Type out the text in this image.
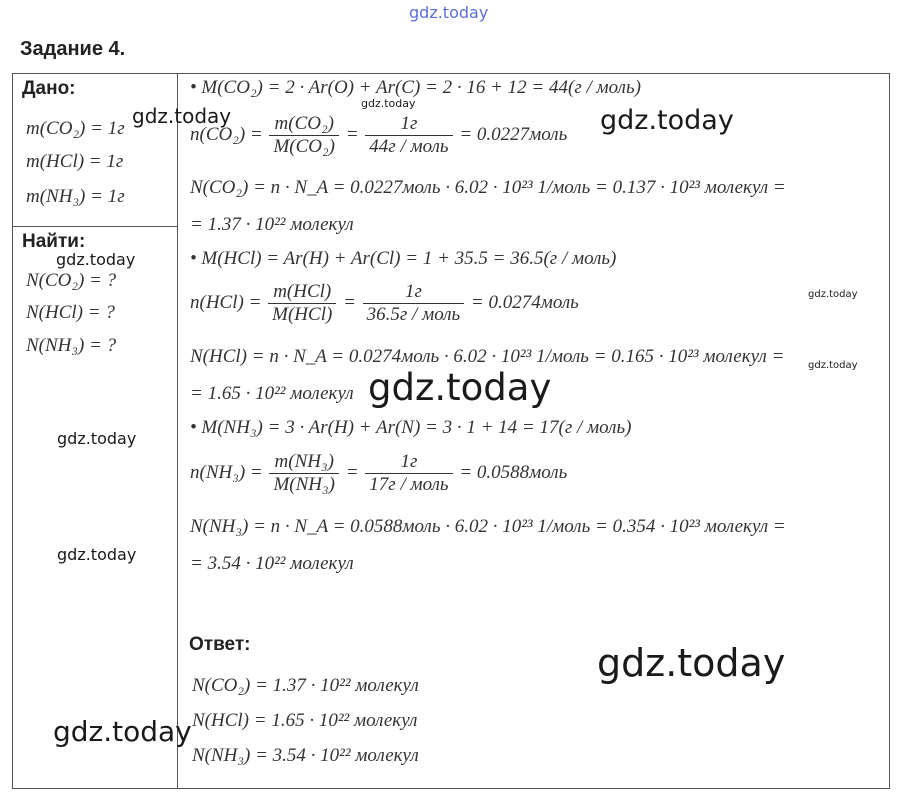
gdz.today
Задание 4.
Дано:
m(CO₂) = 1г
m(HCl) = 1г
m(NH₃) = 1г
Найти:
N(CO₂) = ?
N(HCl) = ?
N(NH₃) = ?
• M(CO₂) = 2 · Ar(O) + Ar(C) = 2 · 16 + 12 = 44(г / моль)
$n(CO_2) = \frac{\text{m(CO₂)}}{\text{M(CO₂)}} = \frac{1г}{\text{44г / моль}}$ = 0.0227моль
N(CO₂) = n · N_A = 0.0227моль · 6.02 · 10²³ 1/моль = 0.137 · 10²³ молекул =
= 1.37 · 10²² молекул
• M(HCl) = Ar(H) + Ar(Cl) = 1 + 35.5 = 36.5(г / моль)
$n(HCl) = \frac{\text{m(HCl)}}{\text{M(HCl)}} = \frac{1г}{\text{36.5г / моль}}$ = 0.0274моль
N(HCl) = n · N_A = 0.0274моль · 6.02 · 10²³ 1/моль = 0.165 · 10²³ молекул =
= 1.65 · 10²² молекул
• M(NH₃) = 3 · Ar(H) + Ar(N) = 3 · 1 + 14 = 17(г / моль)
$n(NH_3) = \frac{\text{m(NH₃)}}{\text{M(NH₃)}} = \frac{1г}{\text{17г / моль}}$ = 0.0588моль
N(NH₃) = n · N_A = 0.0588моль · 6.02 · 10²³ 1/моль = 0.354 · 10²³ молекул =
= 3.54 · 10²² молекул
Ответ:
N(CO₂) = 1.37 · 10²² молекул
N(HCl) = 1.65 · 10²² молекул
N(NH₃) = 3.54 · 10²² молекул
gdz.today
gdz.today
gdz.today
gdz.today
gdz.today
gdz.today
gdz.today
gdz.today
gdz.today
gdz.today
gdz.today
